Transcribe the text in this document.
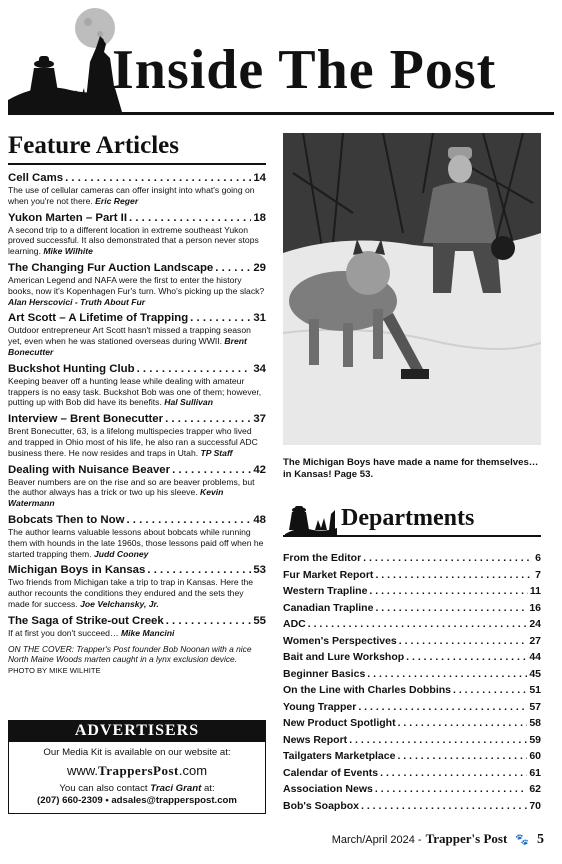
Inside The Post
Feature Articles
Cell Cams . . .	14
The use of cellular cameras can offer insight into what's going on when you're not there. Eric Reger
Yukon Marten – Part II . . .	18
A second trip to a different location in extreme southeast Yukon proved successful. It also demonstrated that a person never stops learning. Mike Wilhite
The Changing Fur Auction Landscape . . .	29
American Legend and NAFA were the first to enter the history books, now it's Kopenhagen Fur's turn. Who's picking up the slack? Alan Herscovici - Truth About Fur
Art Scott – A Lifetime of Trapping . . .	31
Outdoor entrepreneur Art Scott hasn't missed a trapping season yet, even when he was stationed overseas during WWII. Brent Bonecutter
Buckshot Hunting Club . . .	34
Keeping beaver off a hunting lease while dealing with amateur trappers is no easy task. Buckshot Bob was one of them; however, putting up with Bob did have its benefits. Hal Sullivan
Interview – Brent Bonecutter . . .	37
Brent Bonecutter, 63, is a lifelong multispecies trapper who lived and trapped in Ohio most of his life, he also ran a successful ADC business there. He now resides and traps in Utah. TP Staff
Dealing with Nuisance Beaver . . .	42
Beaver numbers are on the rise and so are beaver problems, but the author always has a trick or two up his sleeve. Kevin Watermann
Bobcats Then to Now . . .	48
The author learns valuable lessons about bobcats while running them with hounds in the late 1960s, those lessons paid off when he started trapping them. Judd Cooney
Michigan Boys in Kansas . . .	53
Two friends from Michigan take a trip to trap in Kansas. Here the author recounts the conditions they endured and the sets they made for success. Joe Velchansky, Jr.
The Saga of Strike-out Creek . . .	55
If at first you don't succeed… Mike Mancini
ON THE COVER: Trapper's Post founder Bob Noonan with a nice North Maine Woods marten caught in a lynx exclusion device. PHOTO BY MIKE WILHITE
ADVERTISERS
Our Media Kit is available on our website at:
www.TrappersPost.com
You can also contact Traci Grant at:
(207) 660-2309 • adsales@trapperspost.com
The Michigan Boys have made a name for themselves…in Kansas! Page 53.
Departments
From the Editor . . .	6
Fur Market Report . . .	7
Western Trapline . . .	11
Canadian Trapline . . .	16
ADC . . .	24
Women's Perspectives . . .	27
Bait and Lure Workshop . . .	44
Beginner Basics . . .	45
On the Line with Charles Dobbins . . .	51
Young Trapper . . .	57
New Product Spotlight . . .	58
News Report . . .	59
Tailgaters Marketplace . . .	60
Calendar of Events . . .	61
Association News . . .	62
Bob's Soapbox . . .	70
March/April 2024 - Trapper's Post 🐾 5
